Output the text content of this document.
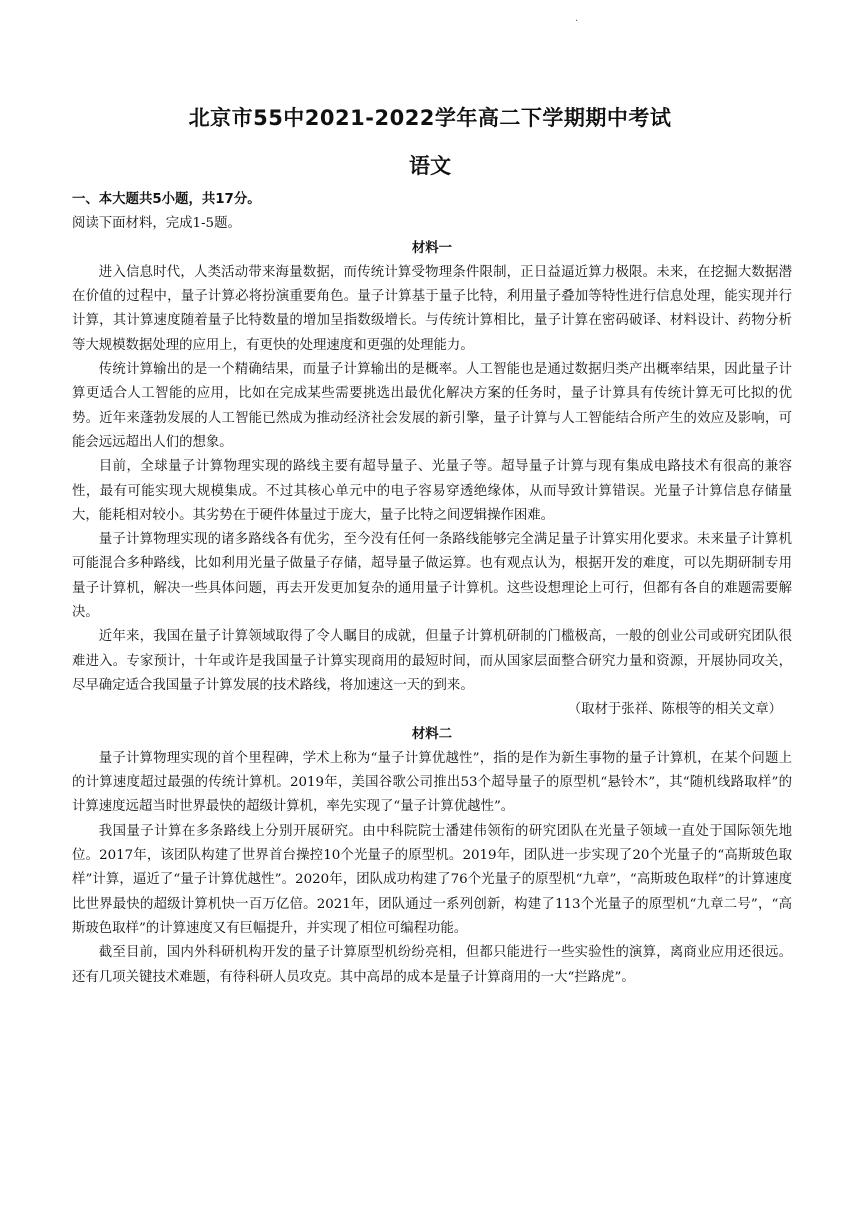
.
北京市55中2021-2022学年高二下学期期中考试
语文

一、本大题共5小题，共17分。

阅读下面材料，完成1-5题。

材料一

进入信息时代，人类活动带来海量数据，而传统计算受物理条件限制，正日益逼近算力极限。未来，在挖掘大数据潜在价值的过程中，量子计算必将扮演重要角色。量子计算基于量子比特，利用量子叠加等特性进行信息处理，能实现并行计算，其计算速度随着量子比特数量的增加呈指数级增长。与传统计算相比，量子计算在密码破译、材料设计、药物分析等大规模数据处理的应用上，有更快的处理速度和更强的处理能力。

传统计算输出的是一个精确结果，而量子计算输出的是概率。人工智能也是通过数据归类产出概率结果，因此量子计算更适合人工智能的应用，比如在完成某些需要挑选出最优化解决方案的任务时，量子计算具有传统计算无可比拟的优势。近年来蓬勃发展的人工智能已然成为推动经济社会发展的新引擎，量子计算与人工智能结合所产生的效应及影响，可能会远远超出人们的想象。

目前，全球量子计算物理实现的路线主要有超导量子、光量子等。超导量子计算与现有集成电路技术有很高的兼容性，最有可能实现大规模集成。不过其核心单元中的电子容易穿透绝缘体，从而导致计算错误。光量子计算信息存储量大，能耗相对较小。其劣势在于硬件体量过于庞大，量子比特之间逻辑操作困难。

量子计算物理实现的诸多路线各有优劣，至今没有任何一条路线能够完全满足量子计算实用化要求。未来量子计算机可能混合多种路线，比如利用光量子做量子存储，超导量子做运算。也有观点认为，根据开发的难度，可以先期研制专用量子计算机，解决一些具体问题，再去开发更加复杂的通用量子计算机。这些设想理论上可行，但都有各自的难题需要解决。

近年来，我国在量子计算领域取得了令人瞩目的成就，但量子计算机研制的门槛极高，一般的创业公司或研究团队很难进入。专家预计，十年或许是我国量子计算实现商用的最短时间，而从国家层面整合研究力量和资源，开展协同攻关，尽早确定适合我国量子计算发展的技术路线，将加速这一天的到来。

（取材于张祥、陈根等的相关文章）

材料二

量子计算物理实现的首个里程碑，学术上称为“量子计算优越性”，指的是作为新生事物的量子计算机，在某个问题上的计算速度超过最强的传统计算机。2019年，美国谷歌公司推出53个超导量子的原型机“悬铃木”，其“随机线路取样”的计算速度远超当时世界最快的超级计算机，率先实现了“量子计算优越性”。

我国量子计算在多条路线上分别开展研究。由中科院院士潘建伟领衔的研究团队在光量子领域一直处于国际领先地位。2017年，该团队构建了世界首台操控10个光量子的原型机。2019年，团队进一步实现了20个光量子的“高斯玻色取样”计算，逼近了“量子计算优越性”。2020年，团队成功构建了76个光量子的原型机“九章”，“高斯玻色取样”的计算速度比世界最快的超级计算机快一百万亿倍。2021年，团队通过一系列创新，构建了113个光量子的原型机“九章二号”，“高斯玻色取样”的计算速度又有巨幅提升，并实现了相位可编程功能。

截至目前，国内外科研机构开发的量子计算原型机纷纷亮相，但都只能进行一些实验性的演算，离商业应用还很远。还有几项关键技术难题，有待科研人员攻克。其中高昂的成本是量子计算商用的一大“拦路虎”。
